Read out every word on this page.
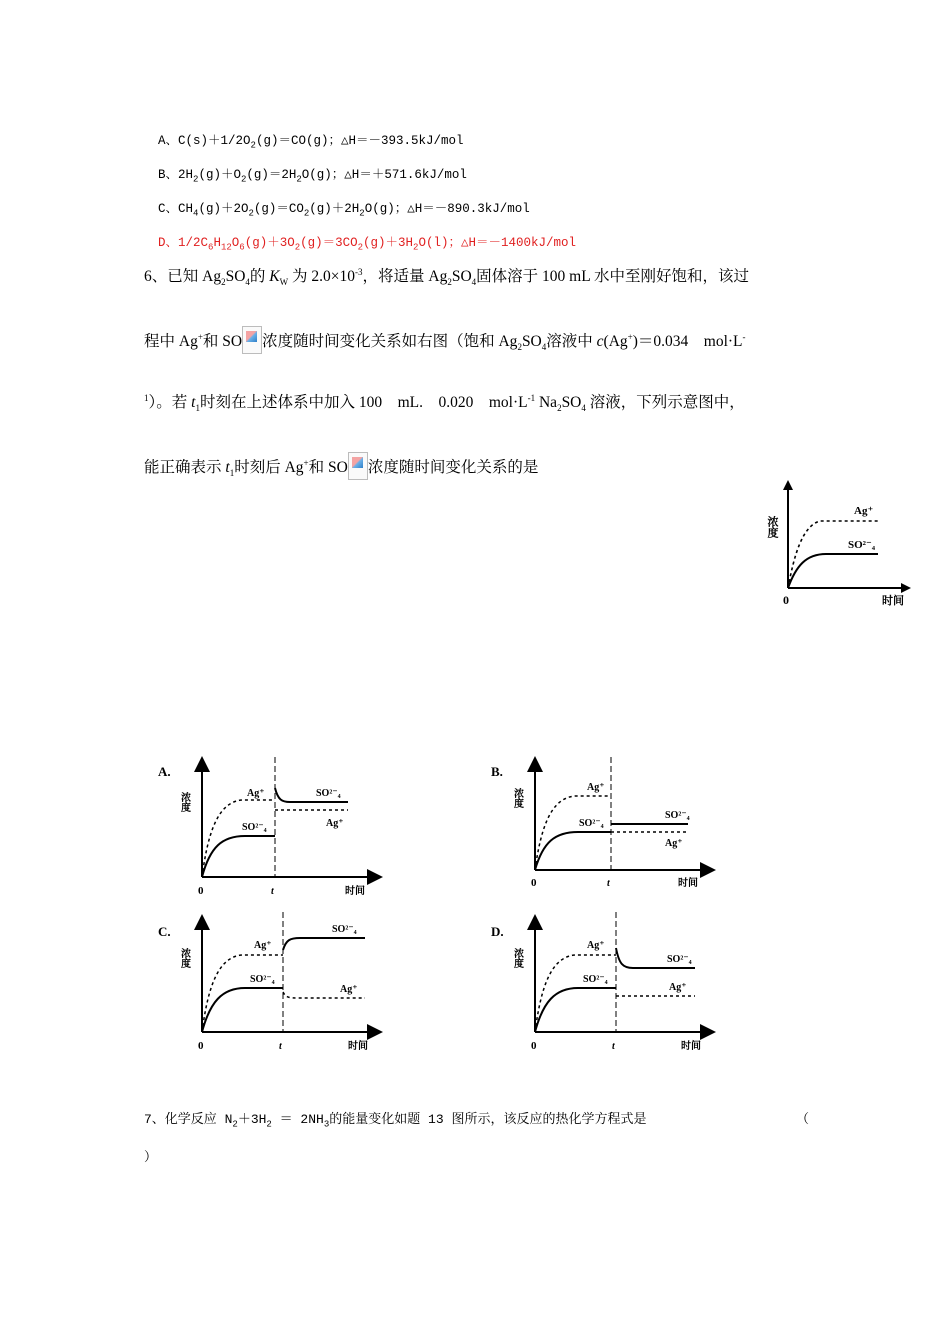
A、$C(s)+1/2O_2(g)=CO(g)$；△H＝－393.5kJ/mol
B、$2H_2(g)+O_2(g)=2H_2O(g)$；△H＝＋571.6kJ/mol
C、$CH_4(g)+2O_2(g)=CO_2(g)+2H_2O(g)$；△H＝－890.3kJ/mol
D、$1/2C_6H_{12}O_6(g)+3O_2(g)=3CO_2(g)+3H_2O(l)$；△H＝－1400kJ/mol
6、已知 $Ag_2SO_4$的 $K_W$ 为 $2.0\times 10^{-3}$，将适量 $Ag_2SO_4$固体溶于 100 mL 水中至刚好饱和，该过
程中 Ag+和 SO 浓度随时间变化关系如右图（饱和 $Ag_2SO_4$溶液中 c(Ag+)＝0.034　mol·L-
$^1$）。若 $t_1$时刻在上述体系中加入 100　mL.　0.020　$mol\cdot L^{-1}$ $Na_2SO_4$ 溶液，下列示意图中，
能正确表示 $t_1$时刻后 Ag+和 SO 浓度随时间变化关系的是
Ag⁺
SO²⁻₄
浓度
0	时间
A.
Ag⁺
SO²⁻₄
SO²⁻₄
Ag⁺
浓度
0	t	时间
B.
Ag⁺
SO²⁻₄
SO²⁻₄
Ag⁺
浓度
0	t	时间
C.
Ag⁺
SO²⁻₄
SO²⁻₄
Ag⁺
浓度
0	t	时间
D.
Ag⁺
SO²⁻₄
SO²⁻₄
Ag⁺
浓度
0	t	时间
7、化学反应 $N_2+3H_2 = 2NH_3$的能量变化如题 13 图所示，该反应的热化学方程式是	（
）
